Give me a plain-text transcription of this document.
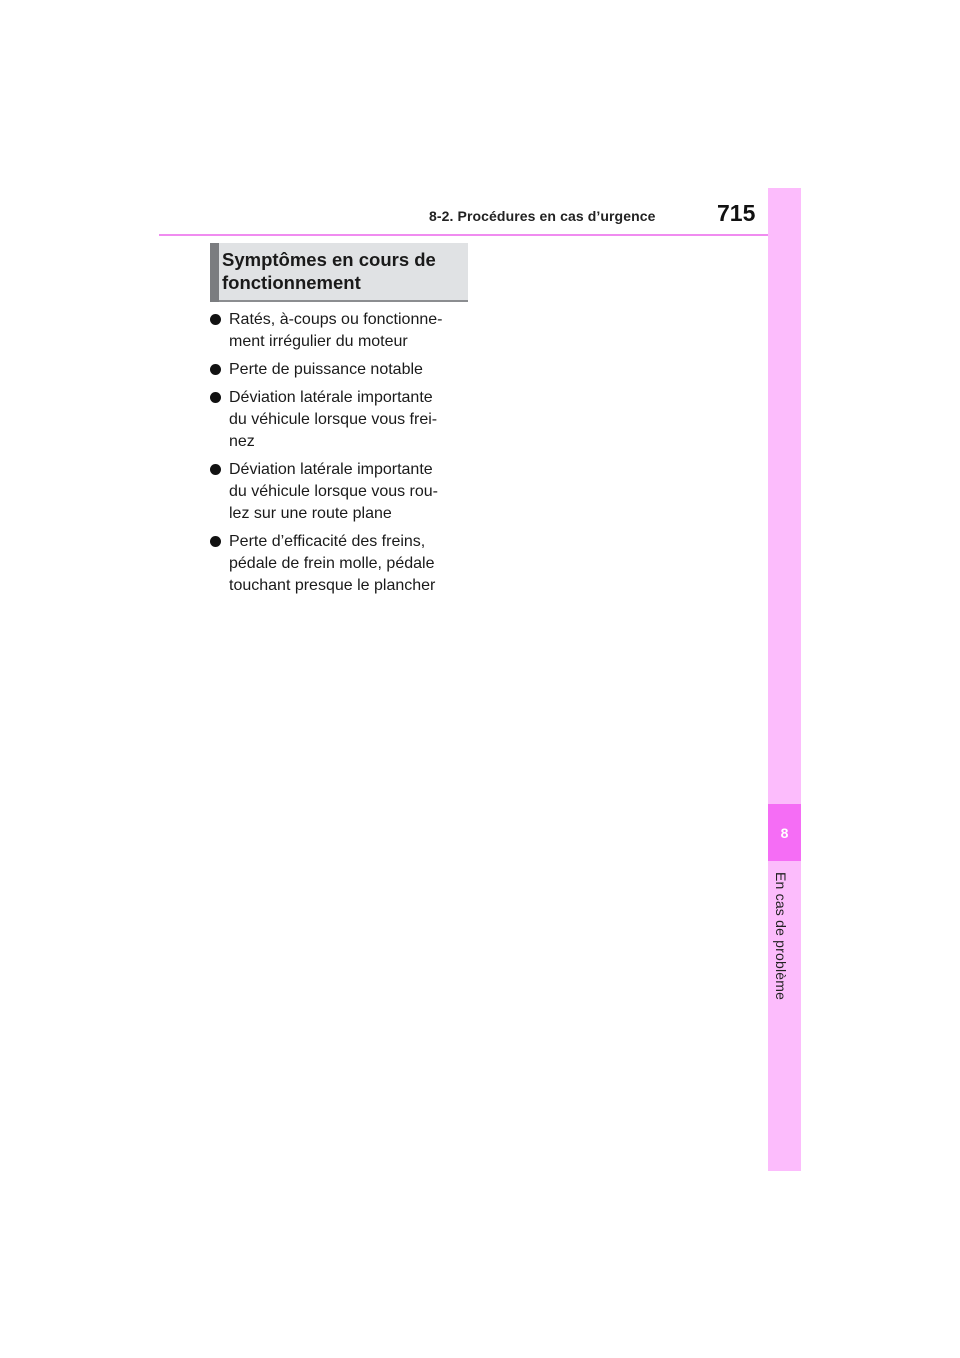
8-2. Procédures en cas d’urgence	715
8
En cas de problème
Symptômes en cours de
fonctionnement
Ratés, à-coups ou fonctionne-
ment irrégulier du moteur
Perte de puissance notable
Déviation latérale importante
du véhicule lorsque vous frei-
nez
Déviation latérale importante
du véhicule lorsque vous rou-
lez sur une route plane
Perte d’efficacité des freins,
pédale de frein molle, pédale
touchant presque le plancher
